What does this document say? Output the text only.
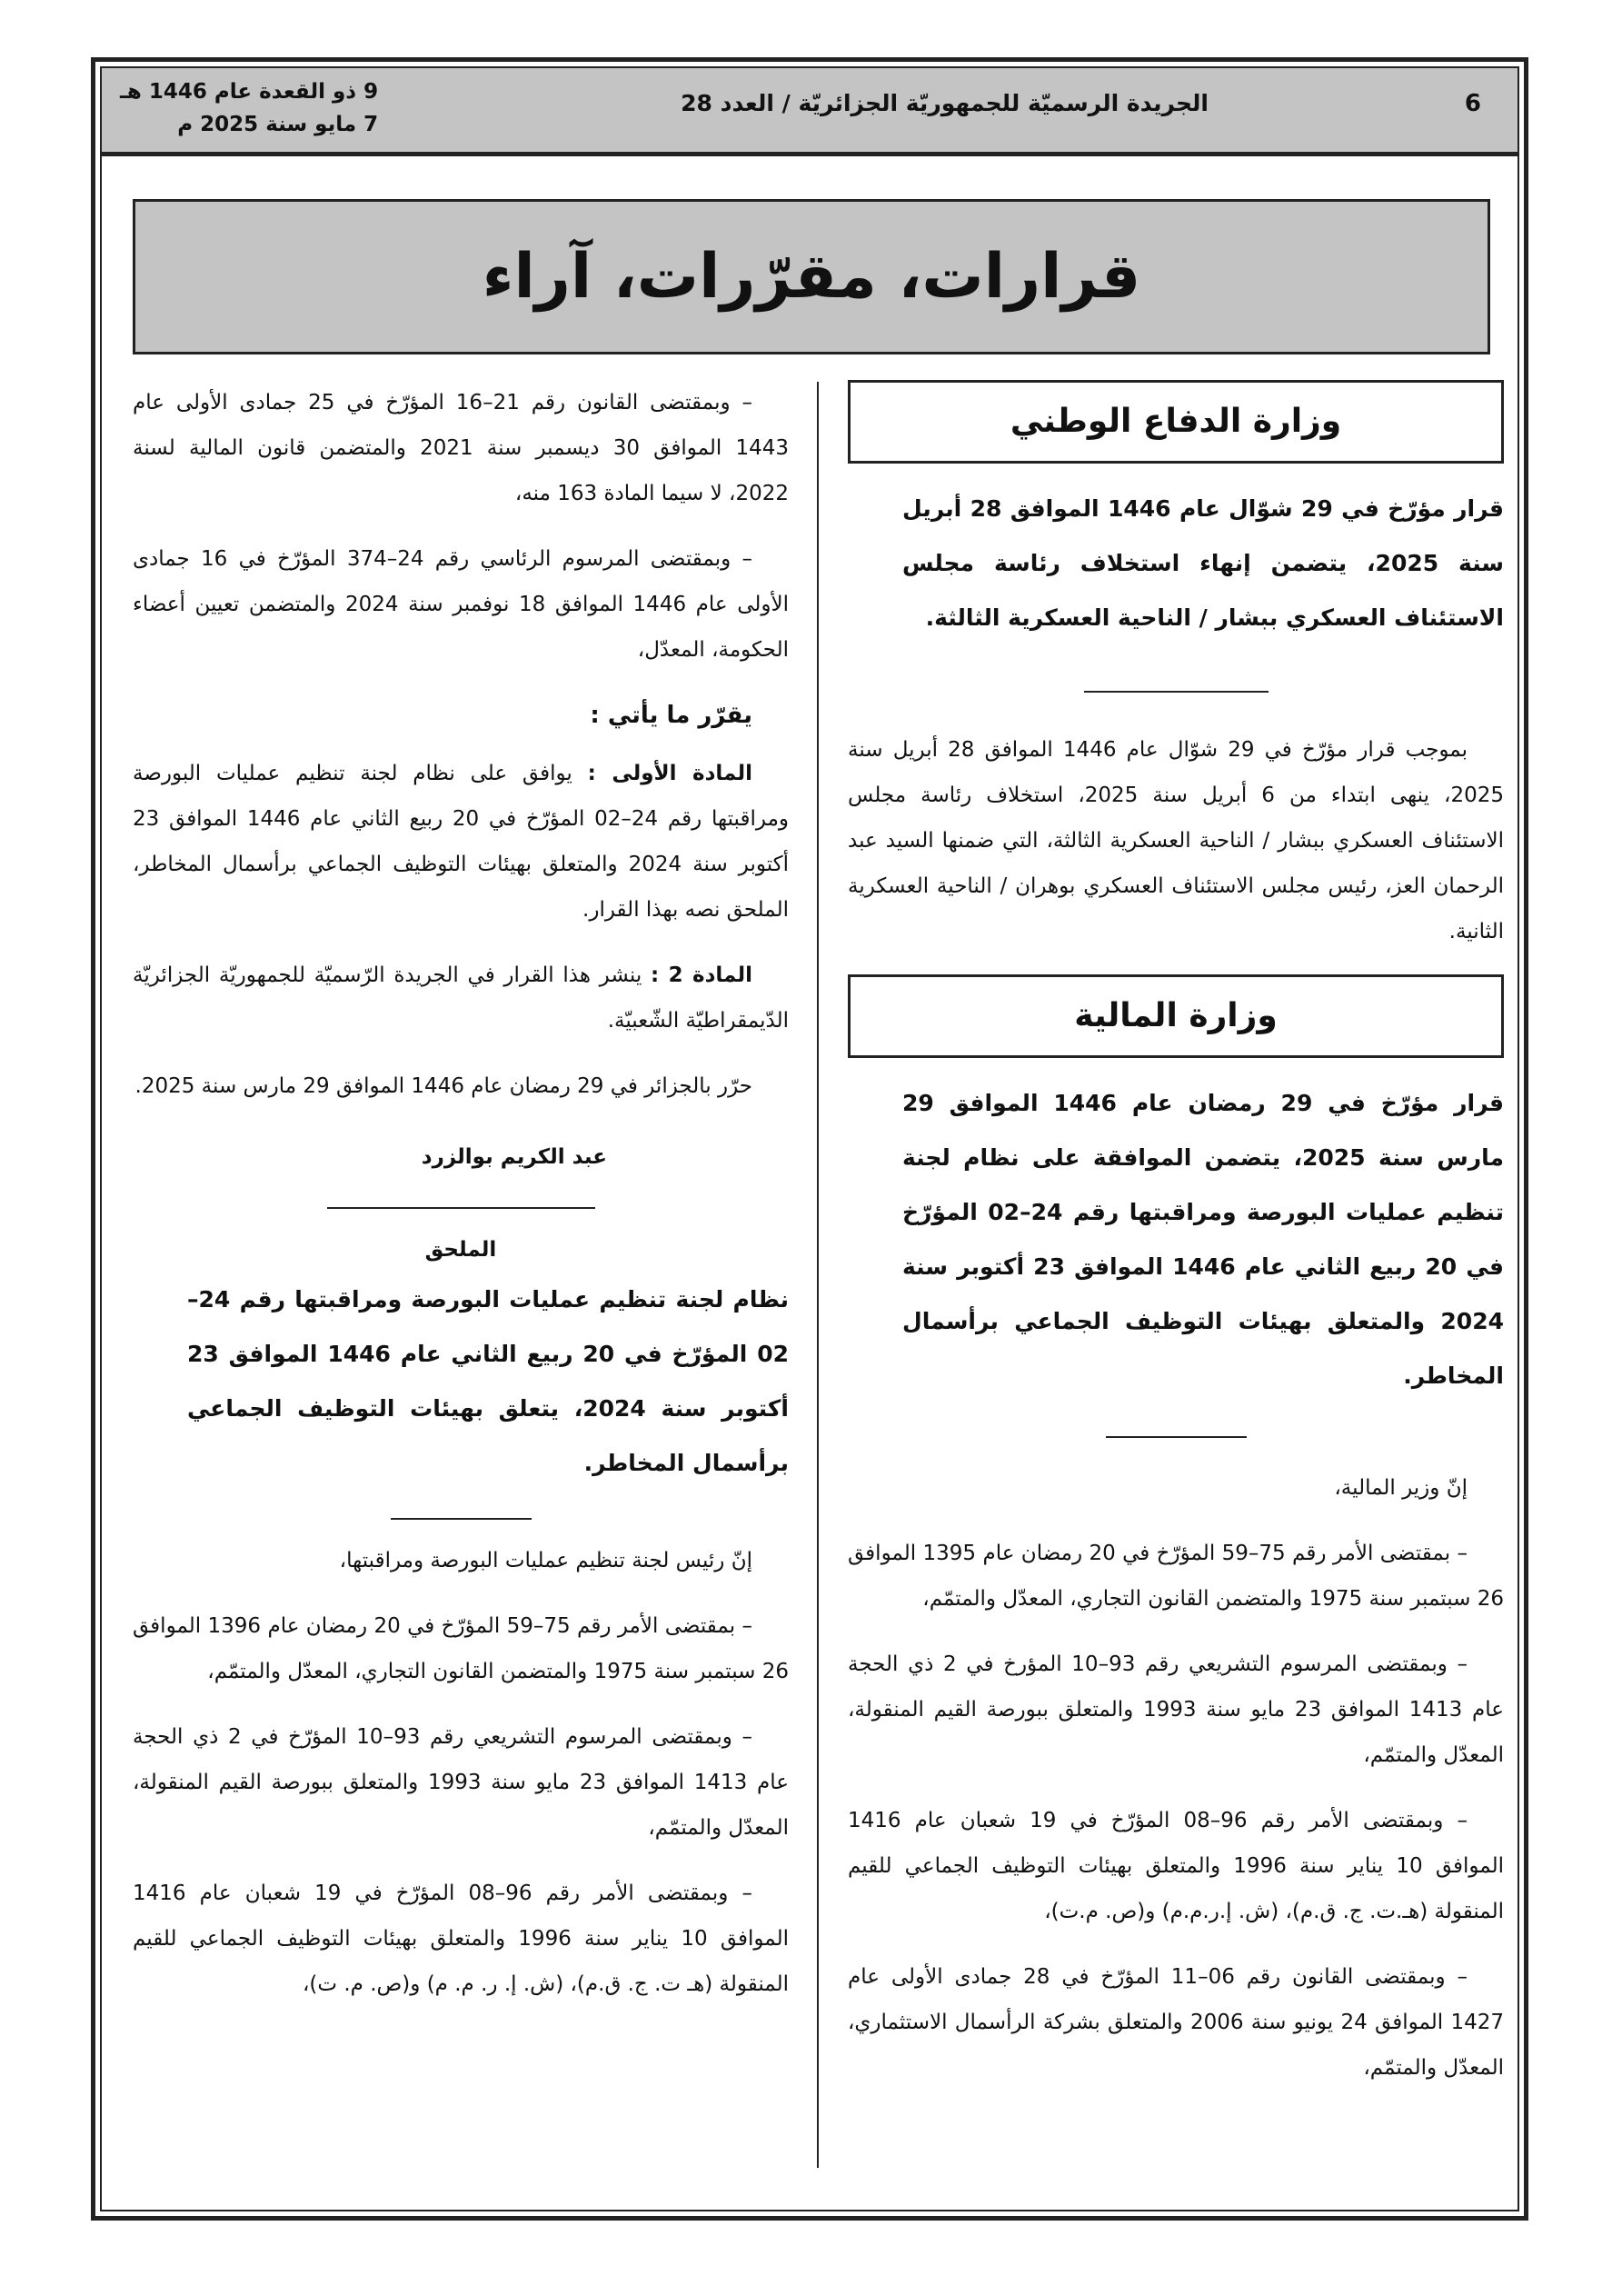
6
الجريدة الرسميّة للجمهوريّة الجزائريّة / العدد 28
9 ذو القعدة عام 1446 هـ
7 مايو سنة 2025 م
قرارات، مقرّرات، آراء
وزارة الدفاع الوطني
قرار مؤرّخ في 29 شوّال عام 1446 الموافق 28 أبريل سنة 2025، يتضمن إنهاء استخلاف رئاسة مجلس الاستئناف العسكري ببشار / الناحية العسكرية الثالثة.

بموجب قرار مؤرّخ في 29 شوّال عام 1446 الموافق 28 أبريل سنة 2025، ينهى ابتداء من 6 أبريل سنة 2025، استخلاف رئاسة مجلس الاستئناف العسكري ببشار / الناحية العسكرية الثالثة، التي ضمنها السيد عبد الرحمان العز، رئيس مجلس الاستئناف العسكري بوهران / الناحية العسكرية الثانية.

وزارة المالية
قرار مؤرّخ في 29 رمضان عام 1446 الموافق 29 مارس سنة 2025، يتضمن الموافقة على نظام لجنة تنظيم عمليات البورصة ومراقبتها رقم 24–02 المؤرّخ في 20 ربيع الثاني عام 1446 الموافق 23 أكتوبر سنة 2024 والمتعلق بهيئات التوظيف الجماعي برأسمال المخاطر.

إنّ وزير المالية،

– بمقتضى الأمر رقم 75–59 المؤرّخ في 20 رمضان عام 1395 الموافق 26 سبتمبر سنة 1975 والمتضمن القانون التجاري، المعدّل والمتمّم،

– وبمقتضى المرسوم التشريعي رقم 93–10 المؤرخ في 2 ذي الحجة عام 1413 الموافق 23 مايو سنة 1993 والمتعلق ببورصة القيم المنقولة، المعدّل والمتمّم،

– وبمقتضى الأمر رقم 96–08 المؤرّخ في 19 شعبان عام 1416 الموافق 10 يناير سنة 1996 والمتعلق بهيئات التوظيف الجماعي للقيم المنقولة (هـ.ت. ج. ق.م)، (ش. إ.ر.م.م) و(ص. م.ت)،

– وبمقتضى القانون رقم 06–11 المؤرّخ في 28 جمادى الأولى عام 1427 الموافق 24 يونيو سنة 2006 والمتعلق بشركة الرأسمال الاستثماري، المعدّل والمتمّم،

– وبمقتضى القانون رقم 21–16 المؤرّخ في 25 جمادى الأولى عام 1443 الموافق 30 ديسمبر سنة 2021 والمتضمن قانون المالية لسنة 2022، لا سيما المادة 163 منه،

– وبمقتضى المرسوم الرئاسي رقم 24–374 المؤرّخ في 16 جمادى الأولى عام 1446 الموافق 18 نوفمبر سنة 2024 والمتضمن تعيين أعضاء الحكومة، المعدّل،

يقرّر ما يأتي :

المادة الأولى : يوافق على نظام لجنة تنظيم عمليات البورصة ومراقبتها رقم 24–02 المؤرّخ في 20 ربيع الثاني عام 1446 الموافق 23 أكتوبر سنة 2024 والمتعلق بهيئات التوظيف الجماعي برأسمال المخاطر، الملحق نصه بهذا القرار.

المادة 2 : ينشر هذا القرار في الجريدة الرّسميّة للجمهوريّة الجزائريّة الدّيمقراطيّة الشّعبيّة.

حرّر بالجزائر في 29 رمضان عام 1446 الموافق 29 مارس سنة 2025.

عبد الكريم بوالزرد
الملحق
نظام لجنة تنظيم عمليات البورصة ومراقبتها رقم 24–02 المؤرّخ في 20 ربيع الثاني عام 1446 الموافق 23 أكتوبر سنة 2024، يتعلق بهيئات التوظيف الجماعي برأسمال المخاطر.

إنّ رئيس لجنة تنظيم عمليات البورصة ومراقبتها،

– بمقتضى الأمر رقم 75–59 المؤرّخ في 20 رمضان عام 1396 الموافق 26 سبتمبر سنة 1975 والمتضمن القانون التجاري، المعدّل والمتمّم،

– وبمقتضى المرسوم التشريعي رقم 93–10 المؤرّخ في 2 ذي الحجة عام 1413 الموافق 23 مايو سنة 1993 والمتعلق ببورصة القيم المنقولة، المعدّل والمتمّم،

– وبمقتضى الأمر رقم 96–08 المؤرّخ في 19 شعبان عام 1416 الموافق 10 يناير سنة 1996 والمتعلق بهيئات التوظيف الجماعي للقيم المنقولة (هـ ت. ج. ق.م)، (ش. إ. ر. م. م) و(ص. م. ت)،
